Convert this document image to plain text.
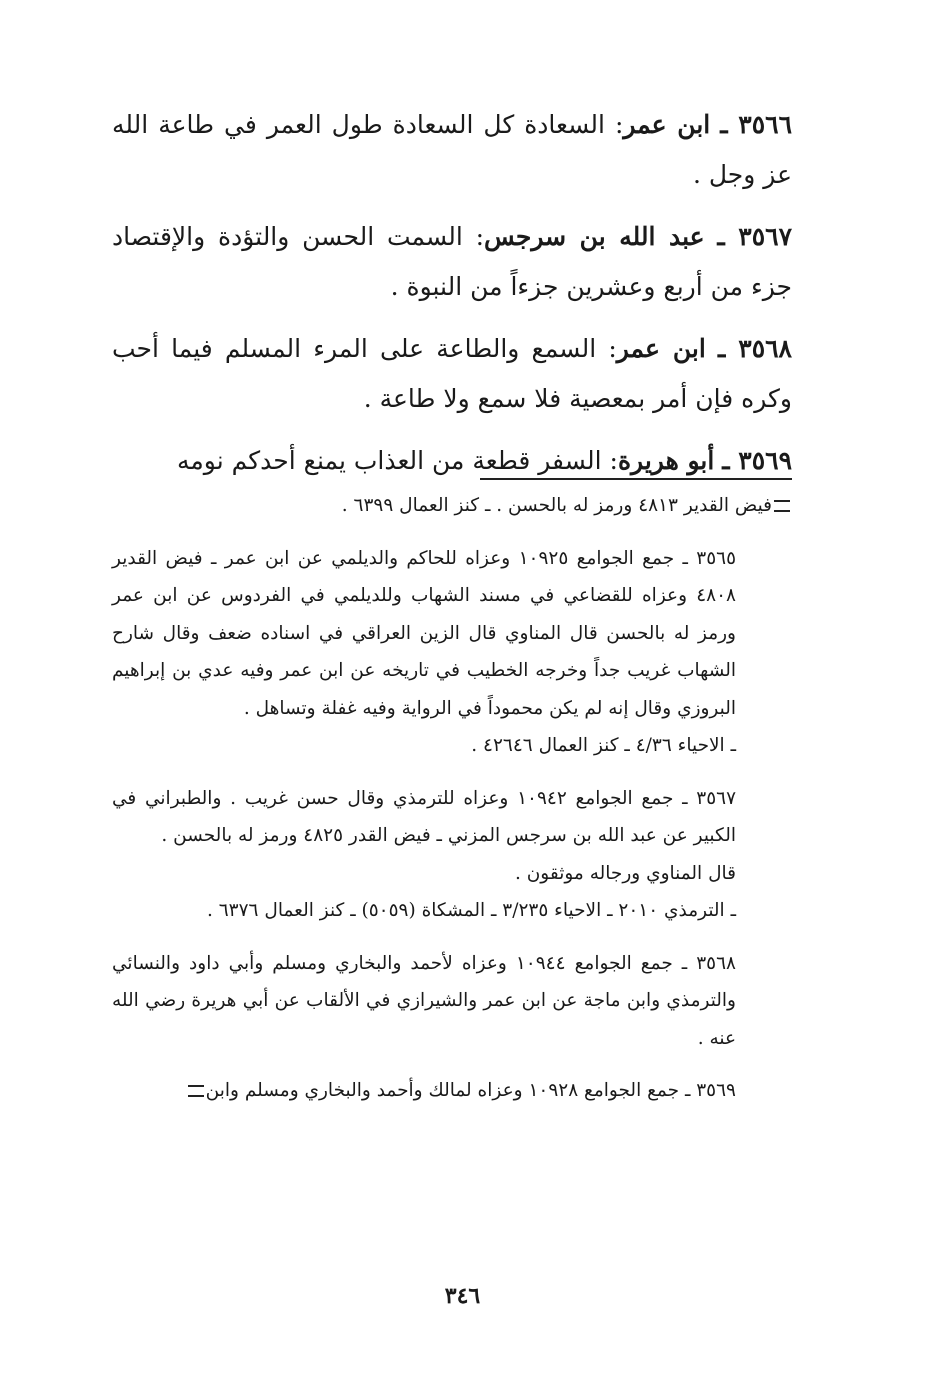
٣٥٦٦ ـ ابن عمر: السعادة كل السعادة طول العمر في طاعة الله عز وجل .

٣٥٦٧ ـ عبد الله بن سرجس: السمت الحسن والتؤدة والإقتصاد جزء من أربع وعشرين جزءاً من النبوة .

٣٥٦٨ ـ ابن عمر: السمع والطاعة على المرء المسلم فيما أحب وكره فإن أمر بمعصية فلا سمع ولا طاعة .

٣٥٦٩ ـ أبو هريرة: السفر قطعة من العذاب يمنع أحدكم نومه

فيض القدير ٤٨١٣ ورمز له بالحسن . ـ كنز العمال ٦٣٩٩ .

٣٥٦٥ ـ جمع الجوامع ١٠٩٢٥ وعزاه للحاكم والديلمي عن ابن عمر ـ فيض القدير ٤٨٠٨ وعزاه للقضاعي في مسند الشهاب وللديلمي في الفردوس عن ابن عمر ورمز له بالحسن قال المناوي قال الزين العراقي في اسناده ضعف وقال شارح الشهاب غريب جداً وخرجه الخطيب في تاريخه عن ابن عمر وفيه عدي بن إبراهيم البروزي وقال إنه لم يكن محموداً في الرواية وفيه غفلة وتساهل .

ـ الاحياء ٤/٣٦ ـ كنز العمال ٤٢٦٤٦ .

٣٥٦٧ ـ جمع الجوامع ١٠٩٤٢ وعزاه للترمذي وقال حسن غريب . والطبراني في الكبير عن عبد الله بن سرجس المزني ـ فيض القدر ٤٨٢٥ ورمز له بالحسن .

قال المناوي ورجاله موثقون .

ـ الترمذي ٢٠١٠ ـ الاحياء ٣/٢٣٥ ـ المشكاة (٥٠٥٩) ـ كنز العمال ٦٣٧٦ .

٣٥٦٨ ـ جمع الجوامع ١٠٩٤٤ وعزاه لأحمد والبخاري ومسلم وأبي داود والنسائي والترمذي وابن ماجة عن ابن عمر والشيرازي في الألقاب عن أبي هريرة رضي الله عنه .

٣٥٦٩ ـ جمع الجوامع ١٠٩٢٨ وعزاه لمالك وأحمد والبخاري ومسلم وابن

٣٤٦
